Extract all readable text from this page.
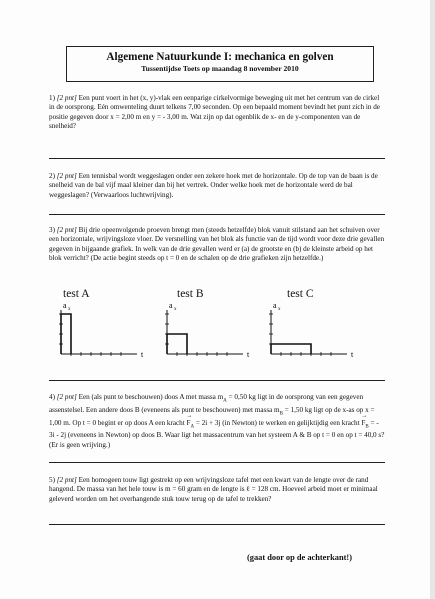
Algemene Natuurkunde I: mechanica en golven
Tussentijdse Toets op maandag 8 november 2010
1) [2 pnt] Een punt voert in het (x, y)-vlak een eenparige cirkelvormige beweging uit met het centrum van de cirkel in de oorsprong. Eén omwenteling duurt telkens 7,00 seconden. Op een bepaald moment bevindt het punt zich in de positie gegeven door x = 2,00 m en y = - 3,00 m. Wat zijn op dat ogenblik de x- en de y-componenten van de snelheid?
2) [2 pnt] Een tennisbal wordt weggeslagen onder een zekere hoek met de horizontale. Op de top van de baan is de snelheid van de bal vijf maal kleiner dan bij het vertrek. Onder welke hoek met de horizontale werd de bal weggeslagen? (Verwaarloos luchtwrijving).
3) [2 pnt] Bij drie opeenvolgende proeven brengt men (steeds hetzelfde) blok vanuit stilstand aan het schuiven over een horizontale, wrijvingsloze vloer. De versnelling van het blok als functie van de tijd wordt voor deze drie gevallen gegeven in bijgaande grafiek. In welk van de drie gevallen werd er (a) de grootste en (b) de kleinste arbeid op het blok verricht? (De actie begint steeds op t = 0 en de schalen op de drie grafieken zijn hetzelfde.)
test A	test B	test C
a x
t
a x
t
a x
t
4) [2 pnt] Een (als punt te beschouwen) doos A met massa $m_A = 0,50$ kg ligt in de oorsprong van een gegeven assenstelsel. Een andere doos B (eveneens als punt te beschouwen) met massa $m_B = 1,50$ kg ligt op de x-as op x = 1,00 m. Op t = 0 begint er op doos A een kracht → $F_A = 2i + 3j$ (in Newton) te werken en gelijktijdig een kracht → $F_B$ = - 3i - 2j (eveneens in Newton) op doos B. Waar ligt het massacentrum van het systeem A & B op t = 0 en op t = 40,0 s? (Er is geen wrijving.)
5) [2 pnt] Een homogeen touw ligt gestrekt op een wrijvingsloze tafel met een kwart van de lengte over de rand hangend. De massa van het hele touw is m = 60 gram en de lengte is ℓ = 128 cm. Hoeveel arbeid moet er minimaal geleverd worden om het overhangende stuk touw terug op de tafel te trekken?
(gaat door op de achterkant!)
